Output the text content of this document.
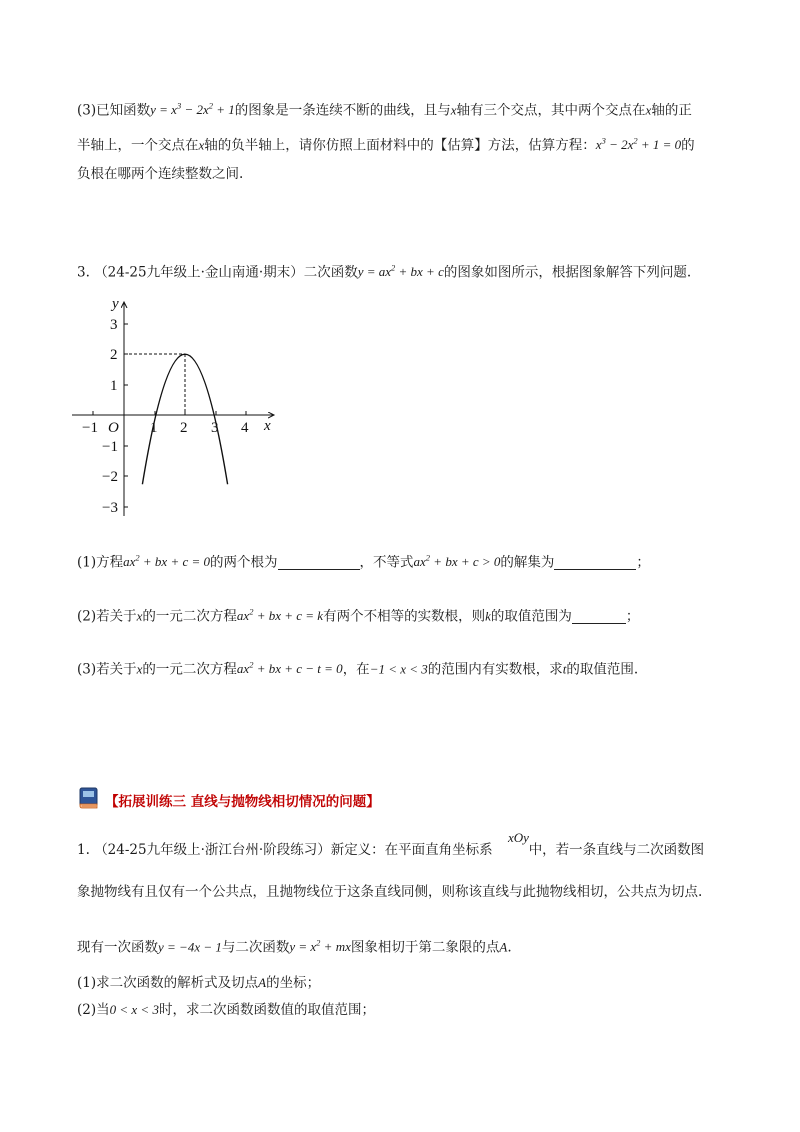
(3)已知函数$y = x^3 - 2x^2 + 1$的图象是一条连续不断的曲线，且与x轴有三个交点，其中两个交点在x轴的正
半轴上，一个交点在x轴的负半轴上，请你仿照上面材料中的【估算】方法，估算方程：$x^3 - 2x^2 + 1 = 0$的
负根在哪两个连续整数之间.
3. （24-25九年级上·金山南通·期末）二次函数$y = ax^2$ + bx + c的图象如图所示，根据图象解答下列问题.
y
x
O
−1	1 2 3 4
3
2
1
−1
−2
−3
(1)方程$ax^2$ + bx + c = 0的两个根为	，不等式$ax^2$ + bx + c > 0的解集为	；
(2)若关于x的一元二次方程$ax^2$ + bx + c = k有两个不相等的实数根，则k的取值范围为	；
(3)若关于x的一元二次方程$ax^2$ + bx + c − t = 0，在−1 < x < 3的范围内有实数根，求t的取值范围.
【拓展训练三 直线与抛物线相切情况的问题】
xOy
1. （24-25九年级上·浙江台州·阶段练习）新定义：在平面直角坐标系	中，若一条直线与二次函数图
象抛物线有且仅有一个公共点，且抛物线位于这条直线同侧，则称该直线与此抛物线相切，公共点为切点.
现有一次函数y = −4x − 1与二次函数$y = x^2$ + mx图象相切于第二象限的点A.
(1)求二次函数的解析式及切点A的坐标；
(2)当0 < x < 3时，求二次函数函数值的取值范围；
